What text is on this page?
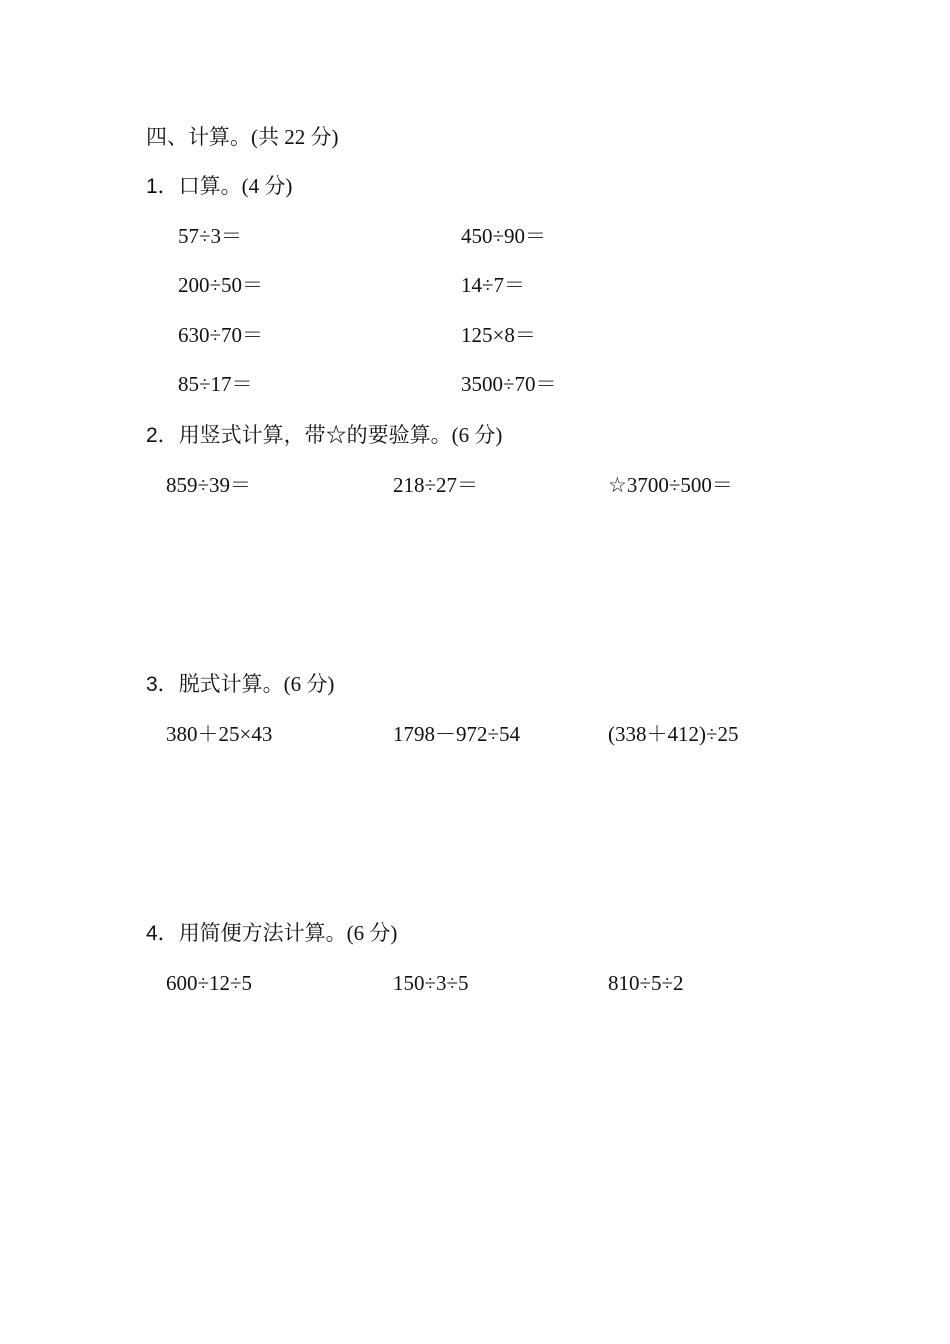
四、计算。(共 22 分)
1．口算。(4 分)
57÷3＝	450÷90＝
200÷50＝	14÷7＝
630÷70＝	125×8＝
85÷17＝	3500÷70＝
2．用竖式计算，带☆的要验算。(6 分)
859÷39＝	218÷27＝	☆3700÷500＝
3．脱式计算。(6 分)
380＋25×43	1798－972÷54	(338＋412)÷25
4．用简便方法计算。(6 分)
600÷12÷5	150÷3÷5	810÷5÷2
